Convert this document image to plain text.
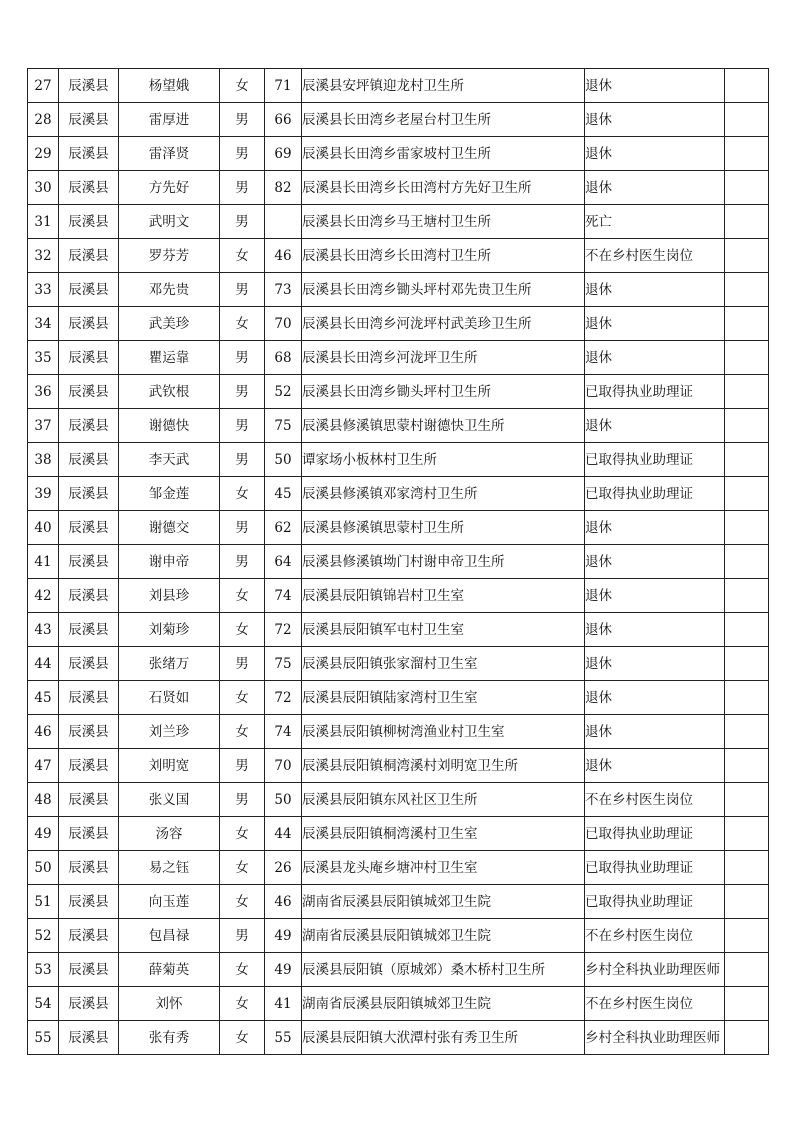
27	辰溪县	杨望娥	女	71	辰溪县安坪镇迎龙村卫生所	退休	
28	辰溪县	雷厚进	男	66	辰溪县长田湾乡老屋台村卫生所	退休	
29	辰溪县	雷泽贤	男	69	辰溪县长田湾乡雷家坡村卫生所	退休	
30	辰溪县	方先好	男	82	辰溪县长田湾乡长田湾村方先好卫生所	退休	
31	辰溪县	武明文	男		辰溪县长田湾乡马王塘村卫生所	死亡	
32	辰溪县	罗芬芳	女	46	辰溪县长田湾乡长田湾村卫生所	不在乡村医生岗位	
33	辰溪县	邓先贵	男	73	辰溪县长田湾乡锄头坪村邓先贵卫生所	退休	
34	辰溪县	武美珍	女	70	辰溪县长田湾乡河泷坪村武美珍卫生所	退休	
35	辰溪县	瞿运靠	男	68	辰溪县长田湾乡河泷坪卫生所	退休	
36	辰溪县	武钦根	男	52	辰溪县长田湾乡锄头坪村卫生所	已取得执业助理证	
37	辰溪县	谢德快	男	75	辰溪县修溪镇思蒙村谢德快卫生所	退休	
38	辰溪县	李天武	男	50	谭家场小板林村卫生所	已取得执业助理证	
39	辰溪县	邹金莲	女	45	辰溪县修溪镇邓家湾村卫生所	已取得执业助理证	
40	辰溪县	谢德交	男	62	辰溪县修溪镇思蒙村卫生所	退休	
41	辰溪县	谢申帝	男	64	辰溪县修溪镇坳门村谢申帝卫生所	退休	
42	辰溪县	刘县珍	女	74	辰溪县辰阳镇锦岩村卫生室	退休	
43	辰溪县	刘菊珍	女	72	辰溪县辰阳镇军屯村卫生室	退休	
44	辰溪县	张绪万	男	75	辰溪县辰阳镇张家溜村卫生室	退休	
45	辰溪县	石贤如	女	72	辰溪县辰阳镇陆家湾村卫生室	退休	
46	辰溪县	刘兰珍	女	74	辰溪县辰阳镇柳树湾渔业村卫生室	退休	
47	辰溪县	刘明宽	男	70	辰溪县辰阳镇桐湾溪村刘明宽卫生所	退休	
48	辰溪县	张义国	男	50	辰溪县辰阳镇东风社区卫生所	不在乡村医生岗位	
49	辰溪县	汤容	女	44	辰溪县辰阳镇桐湾溪村卫生室	已取得执业助理证	
50	辰溪县	易之钰	女	26	辰溪县龙头庵乡塘冲村卫生室	已取得执业助理证	
51	辰溪县	向玉莲	女	46	湖南省辰溪县辰阳镇城郊卫生院	已取得执业助理证	
52	辰溪县	包昌禄	男	49	湖南省辰溪县辰阳镇城郊卫生院	不在乡村医生岗位	
53	辰溪县	薛菊英	女	49	辰溪县辰阳镇（原城郊）桑木桥村卫生所	乡村全科执业助理医师	
54	辰溪县	刘怀	女	41	湖南省辰溪县辰阳镇城郊卫生院	不在乡村医生岗位	
55	辰溪县	张有秀	女	55	辰溪县辰阳镇大洑潭村张有秀卫生所	乡村全科执业助理医师	
